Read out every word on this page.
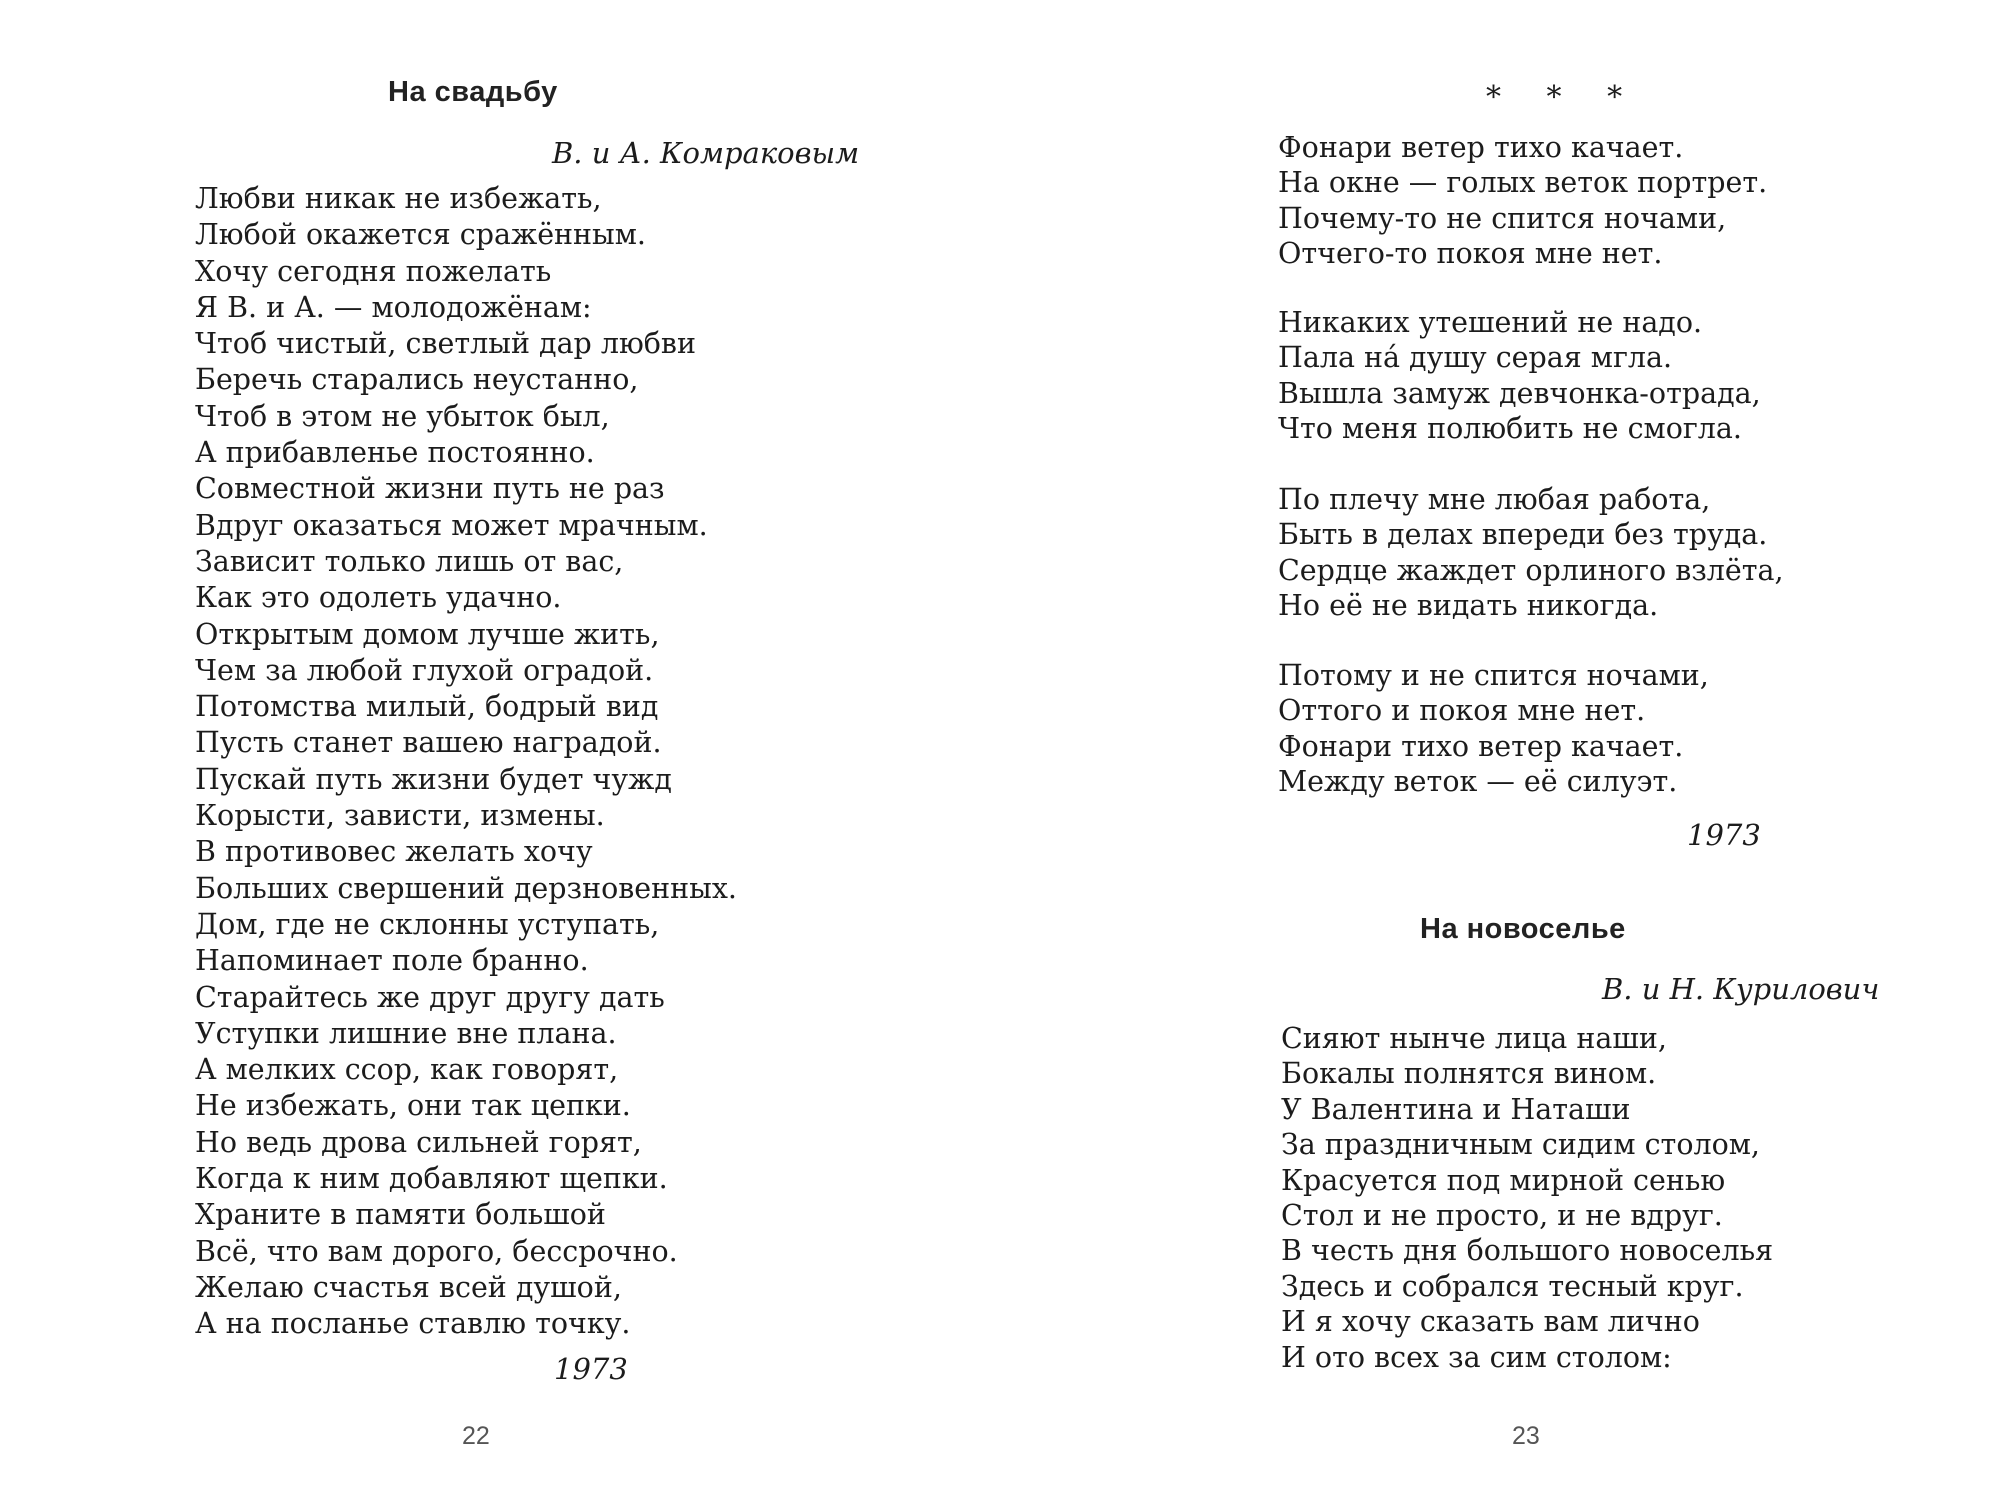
На свадьбу
В. и А. Комраковым
Любви никак не избежать,
Любой окажется сражённым.
Хочу сегодня пожелать
Я В. и А. — молодожёнам:
Чтоб чистый, светлый дар любви
Беречь старались неустанно,
Чтоб в этом не убыток был,
А прибавленье постоянно.
Совместной жизни путь не раз
Вдруг оказаться может мрачным.
Зависит только лишь от вас,
Как это одолеть удачно.
Открытым домом лучше жить,
Чем за любой глухой оградой.
Потомства милый, бодрый вид
Пусть станет вашею наградой.
Пускай путь жизни будет чужд
Корысти, зависти, измены.
В противовес желать хочу
Больших свершений дерзновенных.
Дом, где не склонны уступать,
Напоминает поле бранно.
Старайтесь же друг другу дать
Уступки лишние вне плана.
А мелких ссор, как говорят,
Не избежать, они так цепки.
Но ведь дрова сильней горят,
Когда к ним добавляют щепки.
Храните в памяти большой
Всё, что вам дорого, бессрочно.
Желаю счастья всей душой,
А на посланье ставлю точку.
1973
22
* * *
Фонари ветер тихо качает.
На окне — голых веток портрет.
Почему-то не спится ночами,
Отчего-то покоя мне нет.
Никаких утешений не надо.
Пала нá душу серая мгла.
Вышла замуж девчонка-отрада,
Что меня полюбить не смогла.
По плечу мне любая работа,
Быть в делах впереди без труда.
Сердце жаждет орлиного взлёта,
Но её не видать никогда.
Потому и не спится ночами,
Оттого и покоя мне нет.
Фонари тихо ветер качает.
Между веток — её силуэт.
1973
На новоселье
В. и Н. Курилович
Сияют нынче лица наши,
Бокалы полнятся вином.
У Валентина и Наташи
За праздничным сидим столом,
Красуется под мирной сенью
Стол и не просто, и не вдруг.
В честь дня большого новоселья
Здесь и собрался тесный круг.
И я хочу сказать вам лично
И ото всех за сим столом:
23
